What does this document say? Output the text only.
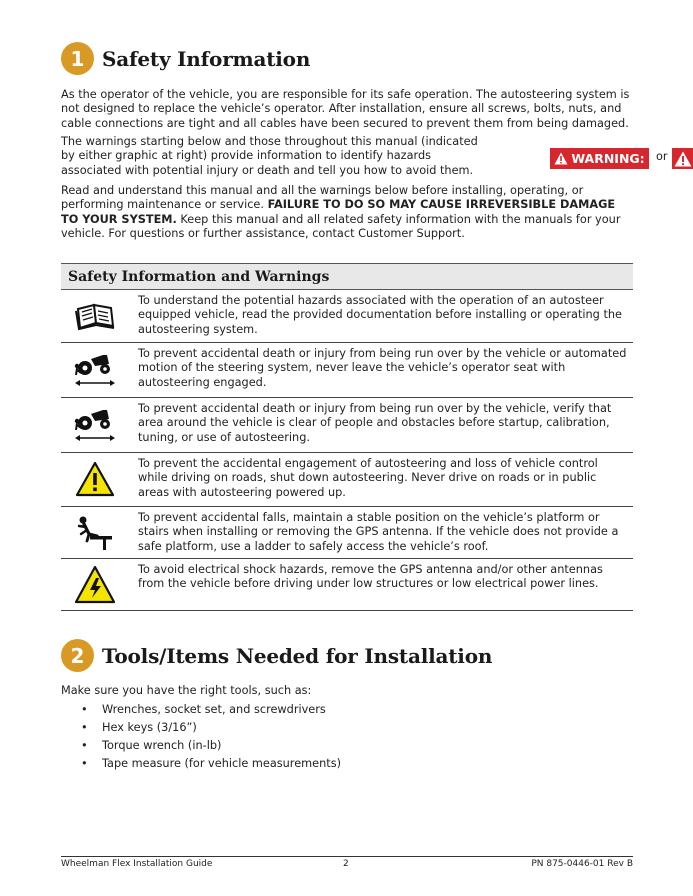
1 Safety Information
As the operator of the vehicle, you are responsible for its safe operation. The autosteering system is not designed to replace the vehicle’s operator. After installation, ensure all screws, bolts, nuts, and cable connections are tight and all cables have been secured to prevent them from being damaged.
The warnings starting below and those throughout this manual (indicated by either graphic at right) provide information to identify hazards associated with potential injury or death and tell you how to avoid them.
WARNING: or
Read and understand this manual and all the warnings below before installing, operating, or performing maintenance or service. FAILURE TO DO SO MAY CAUSE IRREVERSIBLE DAMAGE TO YOUR SYSTEM. Keep this manual and all related safety information with the manuals for your vehicle. For questions or further assistance, contact Customer Support.
Safety Information and Warnings
To understand the potential hazards associated with the operation of an autosteer equipped vehicle, read the provided documentation before installing or operating the autosteering system.
To prevent accidental death or injury from being run over by the vehicle or automated motion of the steering system, never leave the vehicle’s operator seat with autosteering engaged.
To prevent accidental death or injury from being run over by the vehicle, verify that area around the vehicle is clear of people and obstacles before startup, calibration, tuning, or use of autosteering.
To prevent the accidental engagement of autosteering and loss of vehicle control while driving on roads, shut down autosteering. Never drive on roads or in public areas with autosteering powered up.
To prevent accidental falls, maintain a stable position on the vehicle’s platform or stairs when installing or removing the GPS antenna. If the vehicle does not provide a safe platform, use a ladder to safely access the vehicle’s roof.
To avoid electrical shock hazards, remove the GPS antenna and/or other antennas from the vehicle before driving under low structures or low electrical power lines.
2 Tools/Items Needed for Installation
Make sure you have the right tools, such as:
• Wrenches, socket set, and screwdrivers
• Hex keys (3/16”)
• Torque wrench (in-lb)
• Tape measure (for vehicle measurements)
Wheelman Flex Installation Guide	2	PN 875-0446-01 Rev B
